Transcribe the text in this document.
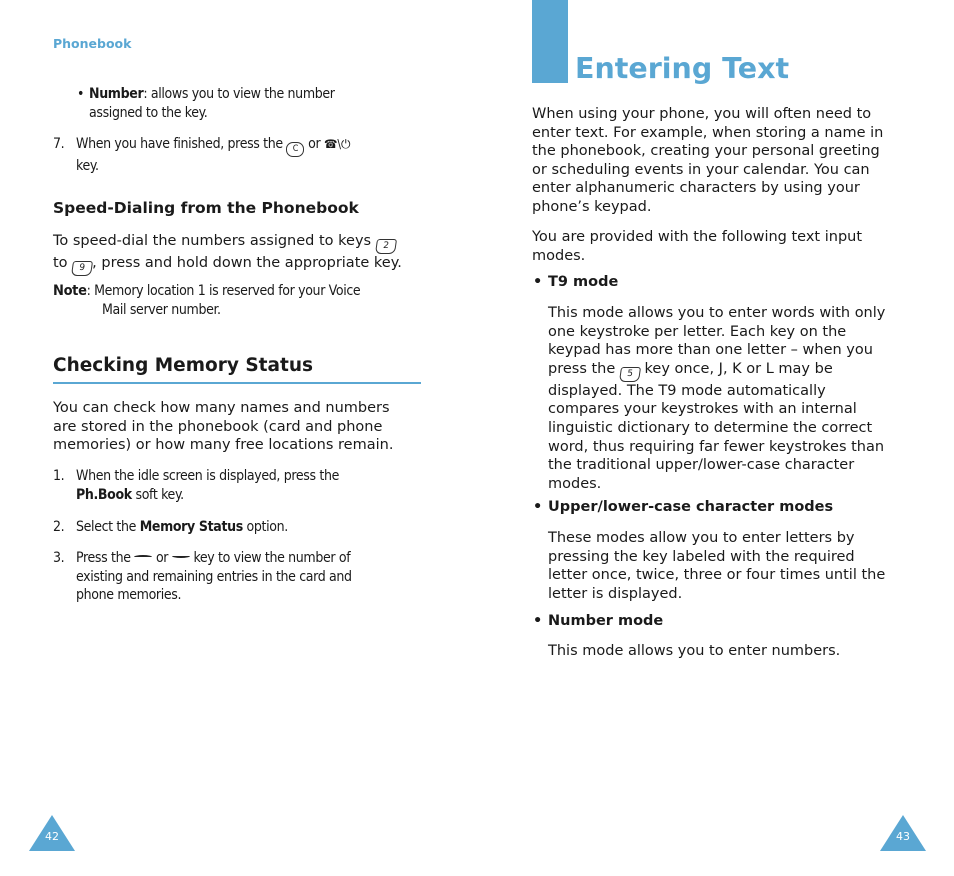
Phonebook
• Number: allows you to view the number
assigned to the key.
7. When you have finished, press the C or ☎\⏻
key.
Speed-Dialing from the Phonebook
To speed-dial the numbers assigned to keys 2
to 9 , press and hold down the appropriate key.
Note: Memory location 1 is reserved for your Voice
Mail server number.
Checking Memory Status
You can check how many names and numbers
are stored in the phonebook (card and phone
memories) or how many free locations remain.
1. When the idle screen is displayed, press the
Ph.Book soft key.
2. Select the Memory Status option.
3. Press the or key to view the number of
existing and remaining entries in the card and
phone memories.
42
Entering Text
When using your phone, you will often need to
enter text. For example, when storing a name in
the phonebook, creating your personal greeting
or scheduling events in your calendar. You can
enter alphanumeric characters by using your
phone’s keypad.
You are provided with the following text input
modes.
• T9 mode
This mode allows you to enter words with only
one keystroke per letter. Each key on the
keypad has more than one letter – when you
press the 5 key once, J, K or L may be
displayed. The T9 mode automatically
compares your keystrokes with an internal
linguistic dictionary to determine the correct
word, thus requiring far fewer keystrokes than
the traditional upper/lower-case character
modes.
• Upper/lower-case character modes
These modes allow you to enter letters by
pressing the key labeled with the required
letter once, twice, three or four times until the
letter is displayed.
• Number mode
This mode allows you to enter numbers.
43
